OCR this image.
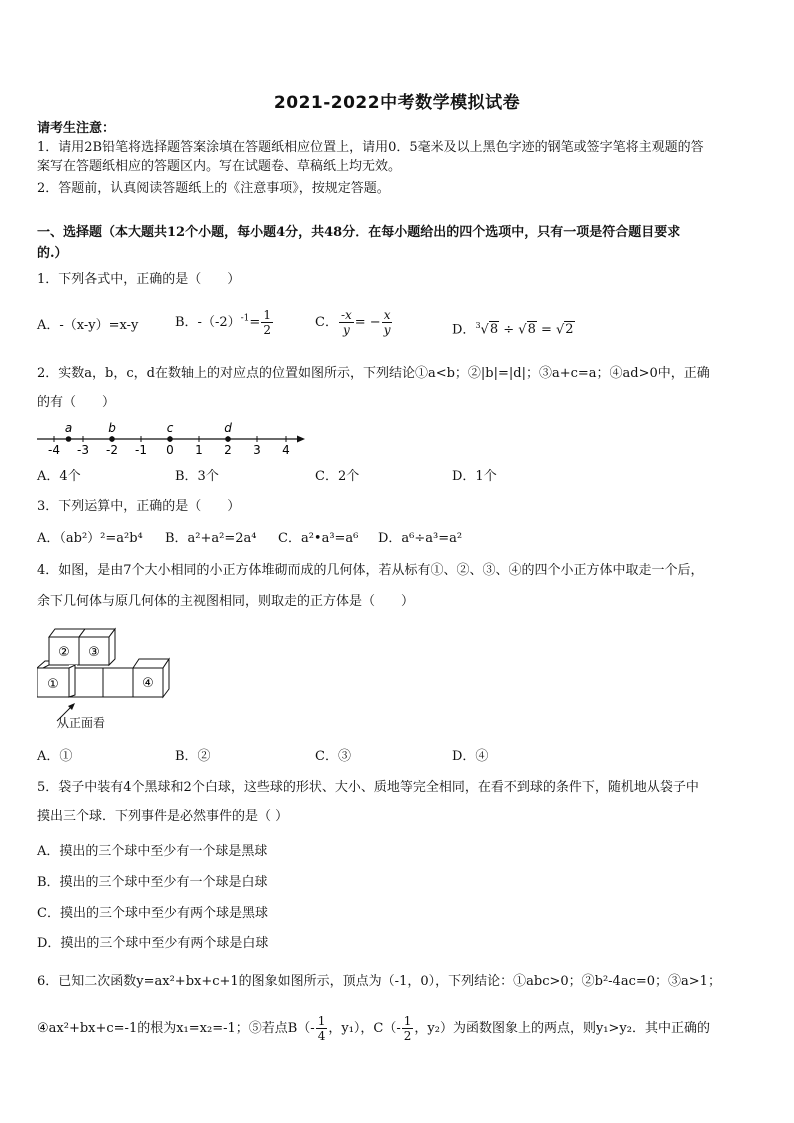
2021-2022中考数学模拟试卷
请考生注意：
1．请用2B铅笔将选择题答案涂填在答题纸相应位置上，请用0．5毫米及以上黑色字迹的钢笔或签字笔将主观题的答
案写在答题纸相应的答题区内。写在试题卷、草稿纸上均无效。
2．答题前，认真阅读答题纸上的《注意事项》，按规定答题。
一、选择题（本大题共12个小题，每小题4分，共48分．在每小题给出的四个选项中，只有一项是符合题目要求
的.）
1．下列各式中，正确的是（　　）
A．-（x-y）=x-y	B．$-(-2)^{-1}= \frac{1}{2}$	C． $\frac{-x}{y}$ = − $\frac{x}{y}$	D．$^3$√8 ÷ √8 = √2
2．实数a，b，c，d在数轴上的对应点的位置如图所示，下列结论①a<b；②|b|=|d|；③a+c=a；④ad>0中，正确
的有（　　）
-4 -3 -2 -1 0 1 2 3 4
a	b	c	d
A．4个	B．3个	C．2个	D．1个
3．下列运算中，正确的是（　　）
A．（ab²）²=a²b⁴ B．a²+a²=2a⁴ C．a²•a³=a⁶ D．a⁶÷a³=a²
4．如图，是由7个大小相同的小正方体堆砌而成的几何体，若从标有①、②、③、④的四个小正方体中取走一个后，
余下几何体与原几何体的主视图相同，则取走的正方体是（　　）
①
② ③
④
从正面看
A．①	B．②	C．③	D．④
5．袋子中装有4个黑球和2个白球，这些球的形状、大小、质地等完全相同，在看不到球的条件下，随机地从袋子中
摸出三个球．下列事件是必然事件的是（ ）
A．摸出的三个球中至少有一个球是黑球
B．摸出的三个球中至少有一个球是白球
C．摸出的三个球中至少有两个球是黑球
D．摸出的三个球中至少有两个球是白球
6．已知二次函数y=ax²+bx+c+1的图象如图所示，顶点为（-1，0），下列结论：①abc>0；②b²-4ac=0；③a>1；
④ax²+bx+c=-1的根为x₁=x₂=-1；⑤若点$B(- \frac{1}{4}$ ，y₁），$C(- \frac{1}{2}$ ，y₂）为函数图象上的两点，则y₁>y₂．其中正确的
